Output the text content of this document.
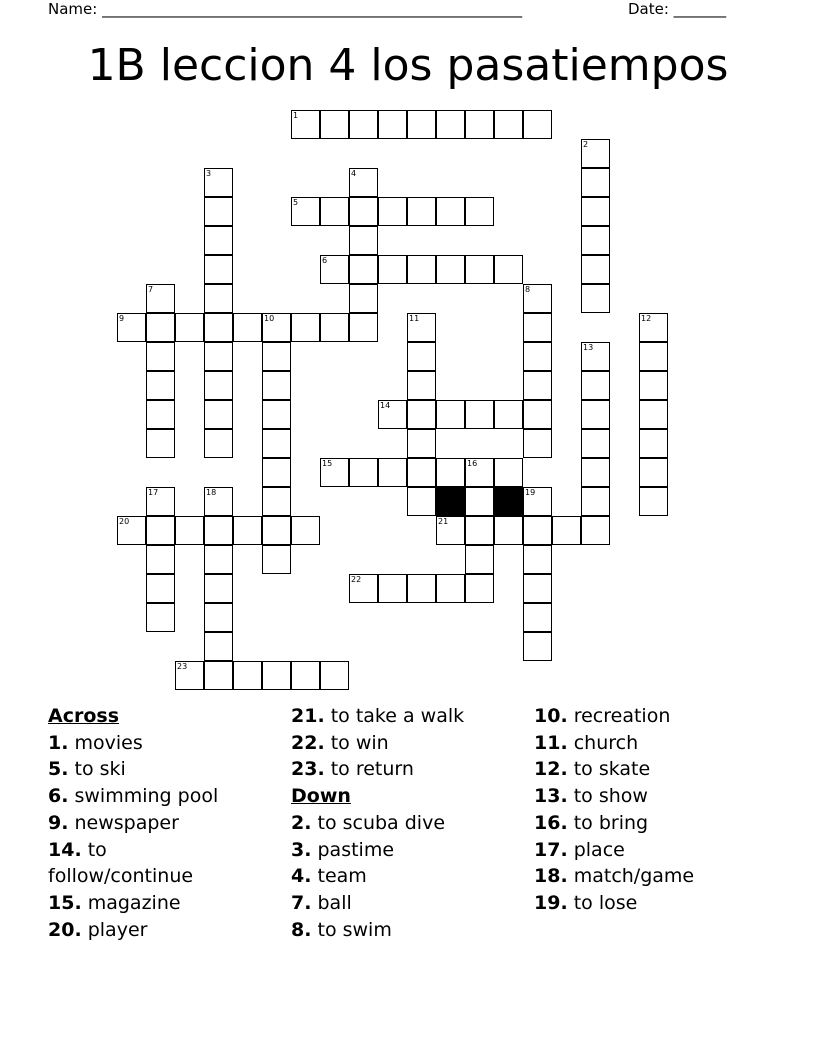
Name: ________________________________________________________	Date: _______
1B leccion 4 los pasatiempos
1
2
3	4
5
6
7	8
9	10	11	12
13
14
15	16
17	18	19
20	21
22
23
Across
1. movies
5. to ski
6. swimming pool
9. newspaper
14. to follow/continue
15. magazine
20. player
21. to take a walk
22. to win
23. to return
Down
2. to scuba dive
3. pastime
4. team
7. ball
8. to swim
10. recreation
11. church
12. to skate
13. to show
16. to bring
17. place
18. match/game
19. to lose
